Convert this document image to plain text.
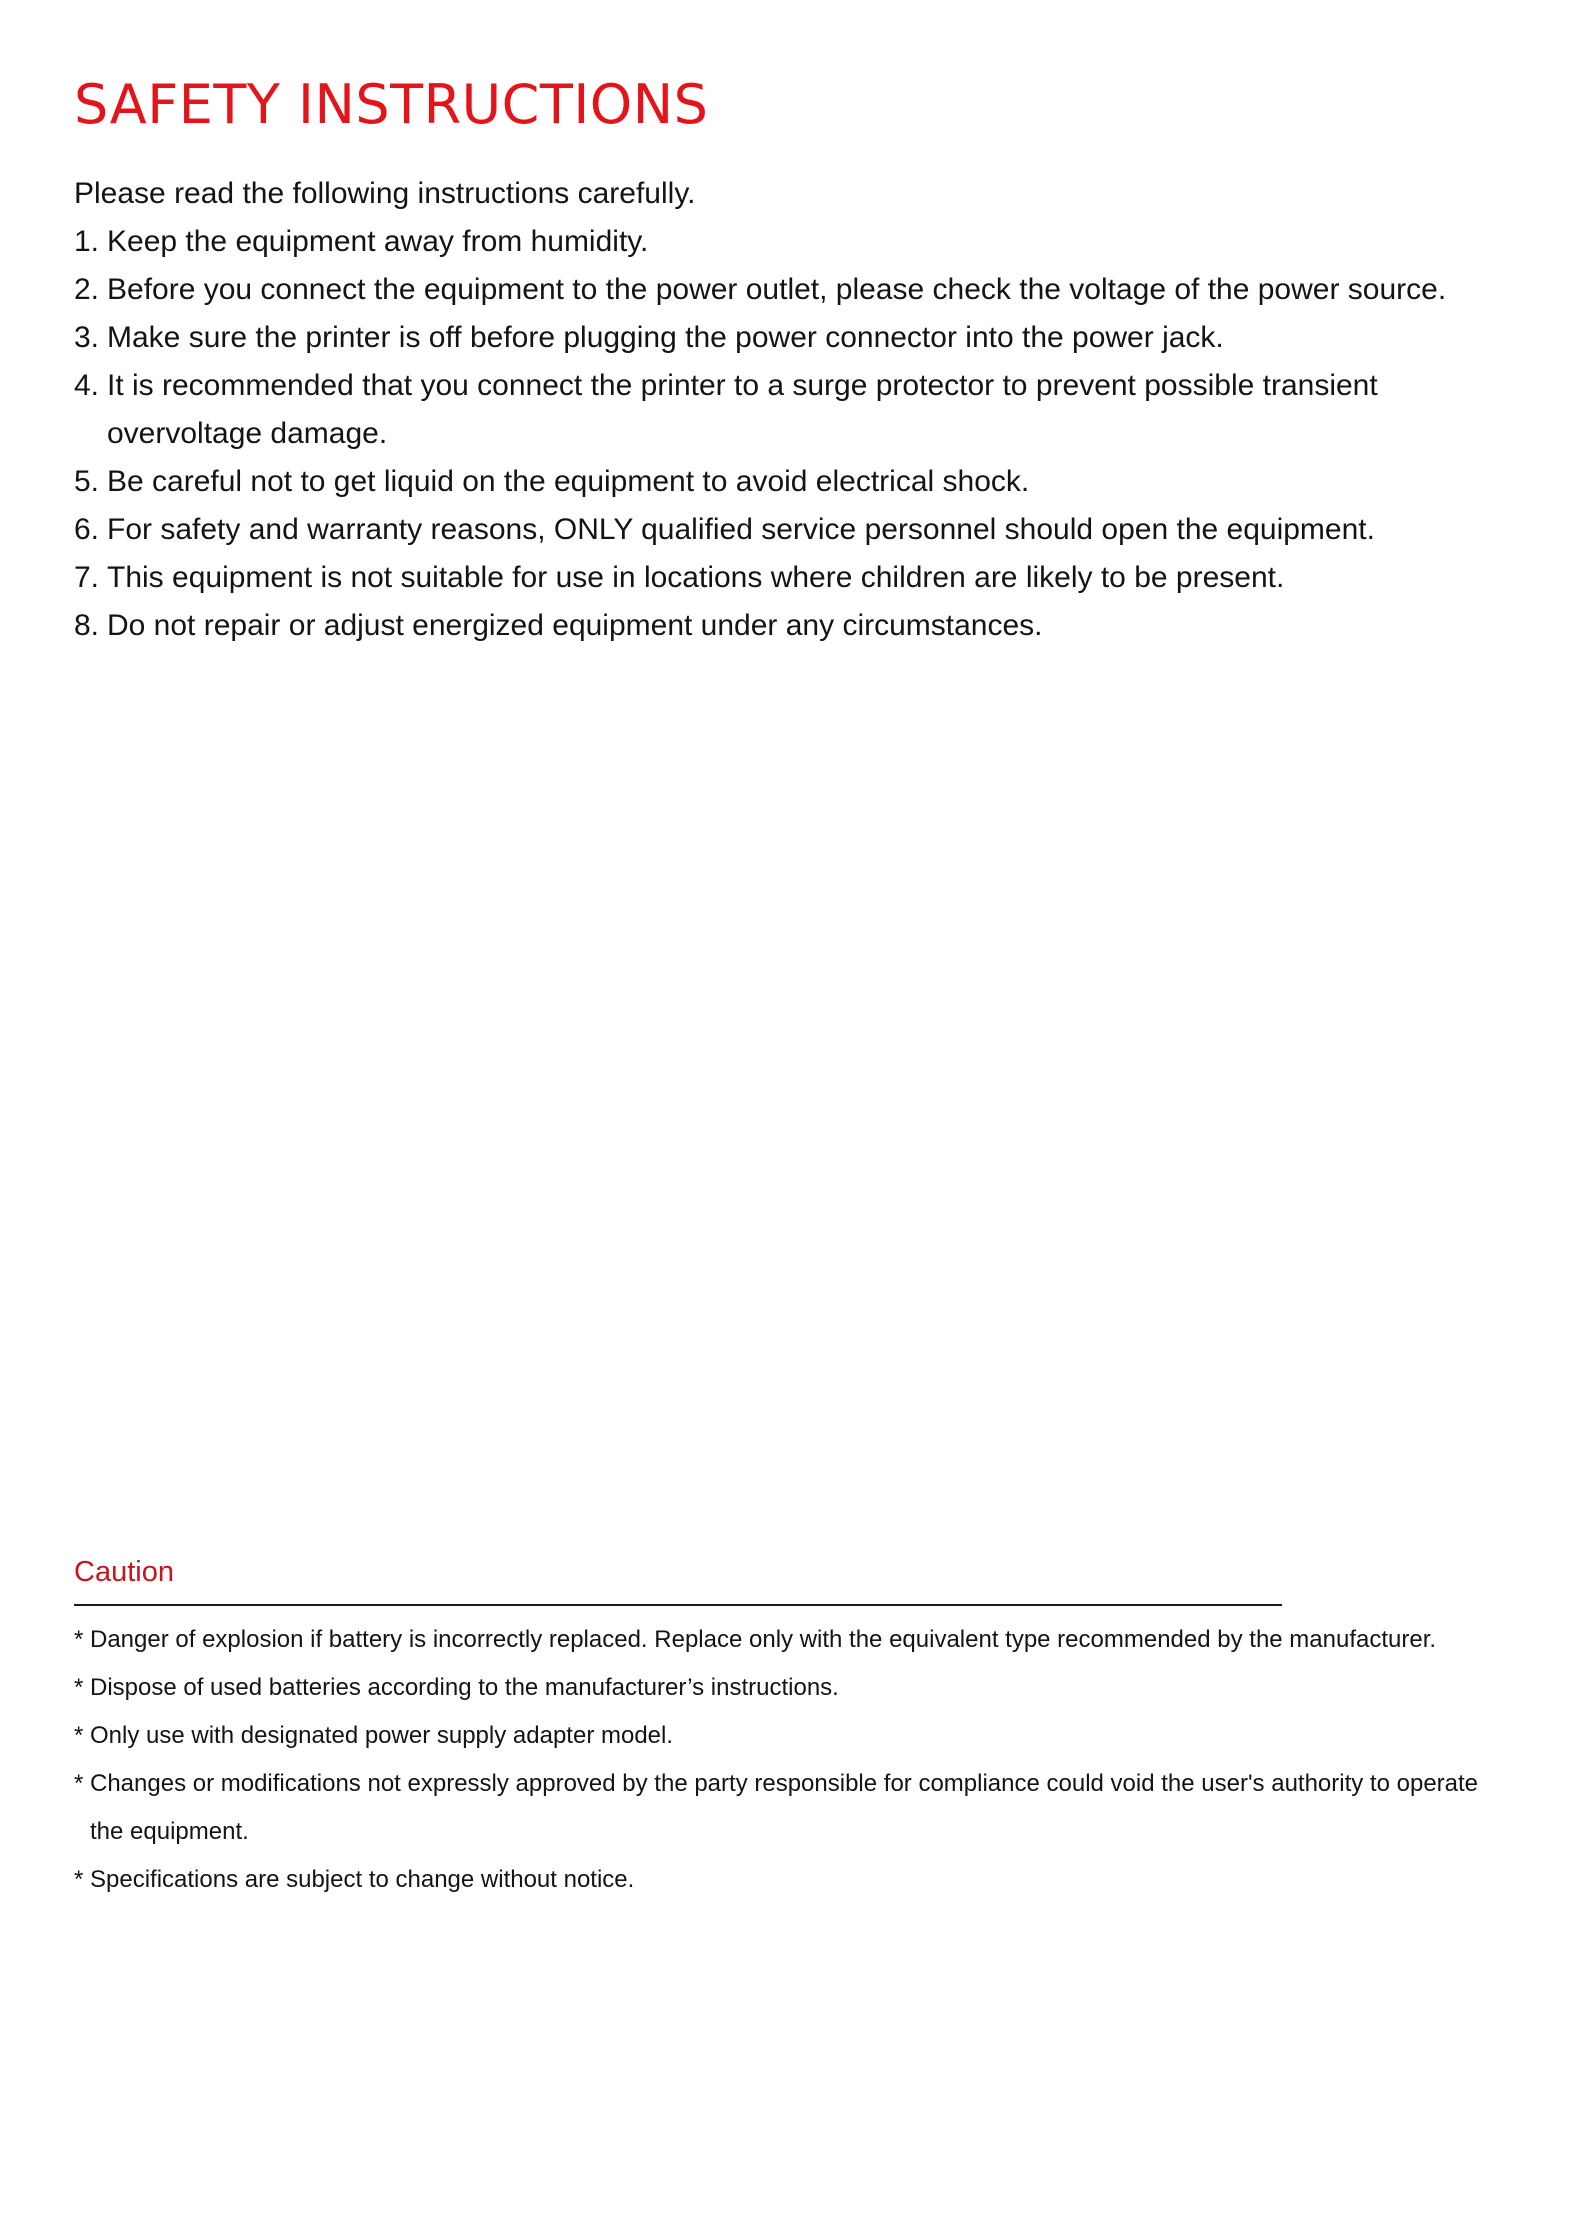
SAFETY INSTRUCTIONS

Please read the following instructions carefully.

1. Keep the equipment away from humidity.
2. Before you connect the equipment to the power outlet, please check the voltage of the power source.
3. Make sure the printer is off before plugging the power connector into the power jack.
4. It is recommended that you connect the printer to a surge protector to prevent possible transient overvoltage damage.
5. Be careful not to get liquid on the equipment to avoid electrical shock.
6. For safety and warranty reasons, ONLY qualified service personnel should open the equipment.
7. This equipment is not suitable for use in locations where children are likely to be present.
8. Do not repair or adjust energized equipment under any circumstances.
Caution
* Danger of explosion if battery is incorrectly replaced. Replace only with the equivalent type recommended by the manufacturer.
* Dispose of used batteries according to the manufacturer’s instructions.
* Only use with designated power supply adapter model.
* Changes or modifications not expressly approved by the party responsible for compliance could void the user's authority to operate the equipment.
* Specifications are subject to change without notice.
